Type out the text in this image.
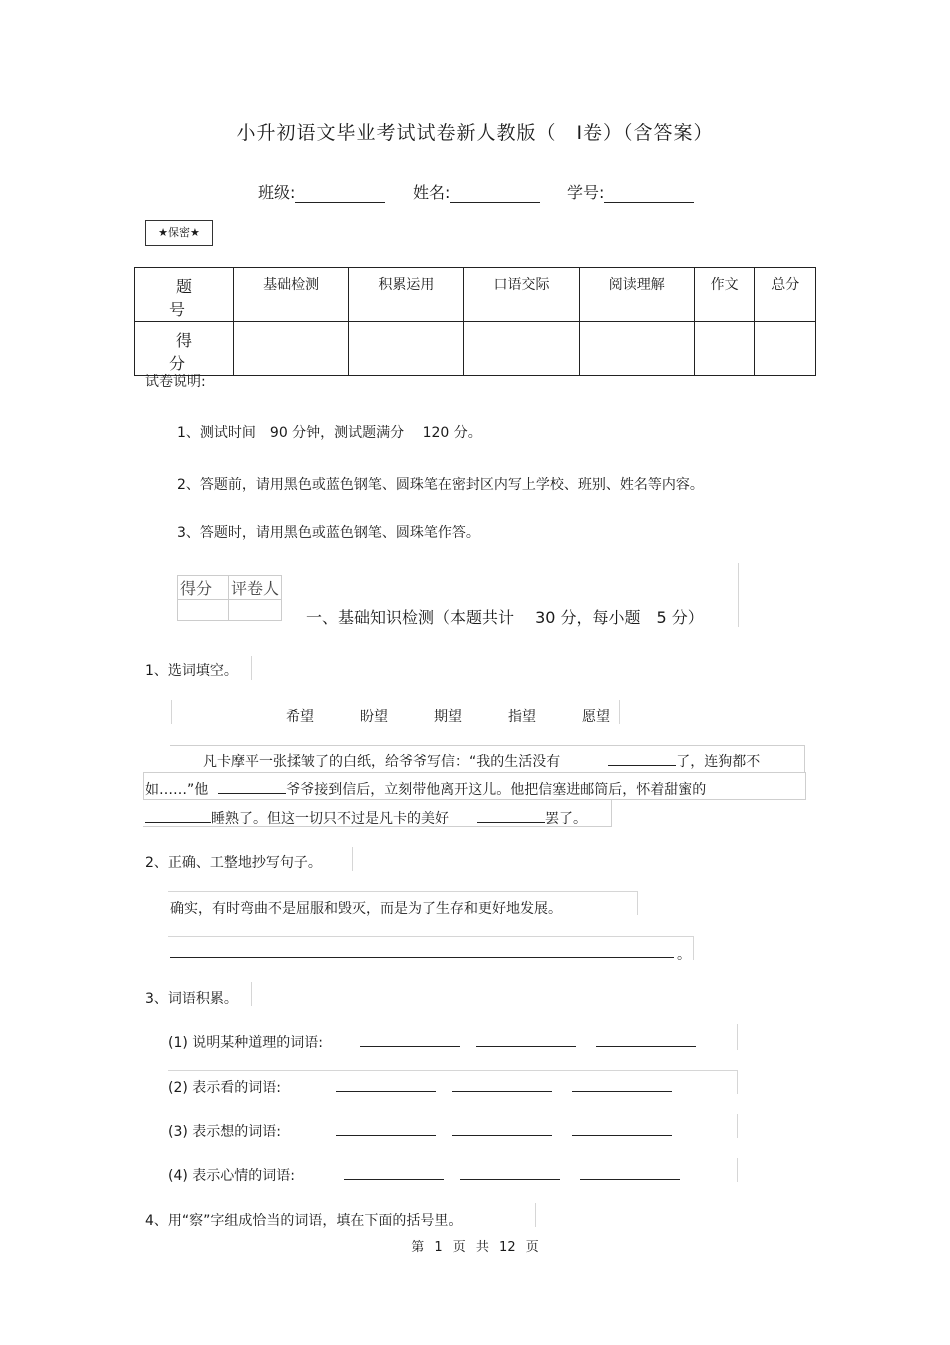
小升初语文毕业考试试卷新人教版（　Ⅰ卷）（含答案）
班级:	姓名:	学号:
★保密★
题　号	基础检测	积累运用	口语交际	阅读理解	作文	总分
得　分						
试卷说明:
1、测试时间　90 分钟，测试题满分　 120 分。
2、答题前，请用黑色或蓝色钢笔、圆珠笔在密封区内写上学校、班别、姓名等内容。
3、答题时，请用黑色或蓝色钢笔、圆珠笔作答。
得分	评卷人

一、基础知识检测（本题共计　 30 分，每小题　5 分）
1、选词填空。
希望	盼望	期望	指望	愿望
凡卡摩平一张揉皱了的白纸，给爷爷写信：“我的生活没有	了，连狗都不
如……”他	爷爷接到信后，立刻带他离开这儿。他把信塞进邮筒后，怀着甜蜜的
睡熟了。但这一切只不过是凡卡的美好	罢了。
2、正确、工整地抄写句子。
确实，有时弯曲不是屈服和毁灭，而是为了生存和更好地发展。
。
3、词语积累。
(1) 说明某种道理的词语:
(2) 表示看的词语:
(3) 表示想的词语:
(4) 表示心情的词语:
4、用“察”字组成恰当的词语，填在下面的括号里。
第 1 页 共 12 页
